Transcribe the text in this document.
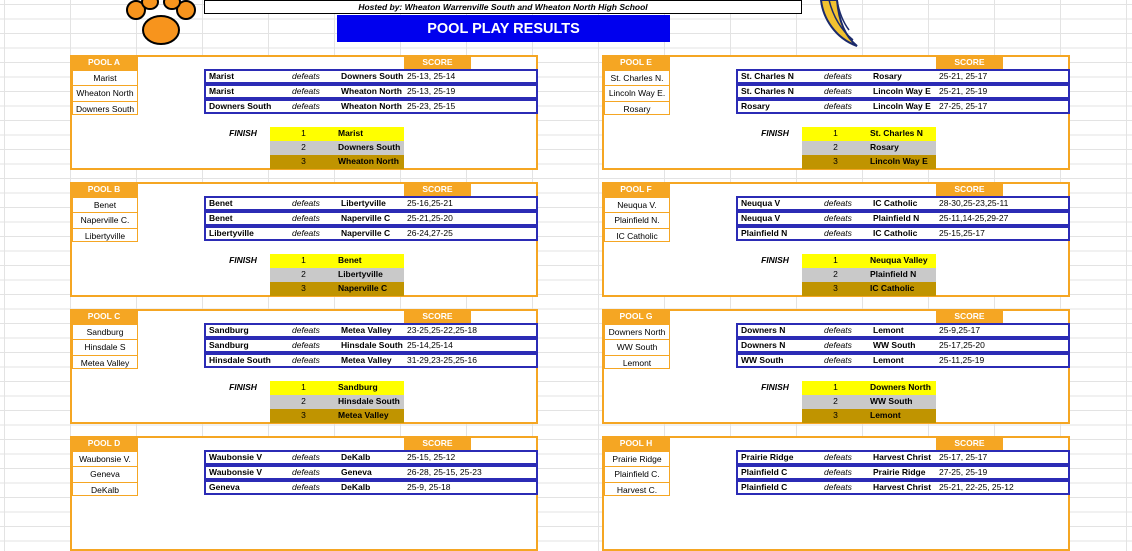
Hosted by: Wheaton Warrenville South and Wheaton North High School
POOL PLAY RESULTS
POOL A	SCORE
Marist
Wheaton North
Downers South
Marist	defeats Downers South 25-13, 25-14
Marist	defeats Wheaton North 25-13, 25-19
Downers South defeats Wheaton North 25-23, 25-15
FINISH	1	Marist
2	Downers South
3	Wheaton North
POOL E	SCORE
St. Charles N.
Lincoln Way E.
Rosary
St. Charles N	defeats Rosary	25-21, 25-17
St. Charles N	defeats Lincoln Way E 25-21, 25-19
Rosary	defeats Lincoln Way E 27-25, 25-17
FINISH	1	St. Charles N
2	Rosary
3	Lincoln Way E
POOL B	SCORE
Benet
Naperville C.
Libertyville
Benet	defeats Libertyville 25-16,25-21
Benet	defeats Naperville C 25-21,25-20
Libertyville	defeats Naperville C 26-24,27-25
FINISH	1	Benet
2	Libertyville
3	Naperville C
POOL F	SCORE
Neuqua V.
Plainfield N.
IC Catholic
Neuqua V	defeats IC Catholic	28-30,25-23,25-11
Neuqua V	defeats Plainfield N 25-11,14-25,29-27
Plainfield N	defeats IC Catholic	25-15,25-17
FINISH	1	Neuqua Valley
2	Plainfield N
3	IC Catholic
POOL C	SCORE
Sandburg
Hinsdale S
Metea Valley
Sandburg	defeats Metea Valley 23-25,25-22,25-18
Sandburg	defeats Hinsdale South 25-14,25-14
Hinsdale South defeats Metea Valley 31-29,23-25,25-16
FINISH	1	Sandburg
2	Hinsdale South
3	Metea Valley
POOL G	SCORE
Downers North
WW South
Lemont
Downers N	defeats Lemont	25-9,25-17
Downers N	defeats WW South	25-17,25-20
WW South	defeats Lemont	25-11,25-19
FINISH	1	Downers North
2	WW South
3	Lemont
POOL D	SCORE
Waubonsie V.
Geneva
DeKalb
Waubonsie V	defeats DeKalb	25-15, 25-12
Waubonsie V	defeats Geneva	26-28, 25-15, 25-23
Geneva	defeats DeKalb	25-9, 25-18
POOL H	SCORE
Prairie Ridge
Plainfield C.
Harvest C.
Prairie Ridge	defeats Harvest Christ 25-17, 25-17
Plainfield C	defeats Prairie Ridge 27-25, 25-19
Plainfield C	defeats Harvest Christ 25-21, 22-25, 25-12
